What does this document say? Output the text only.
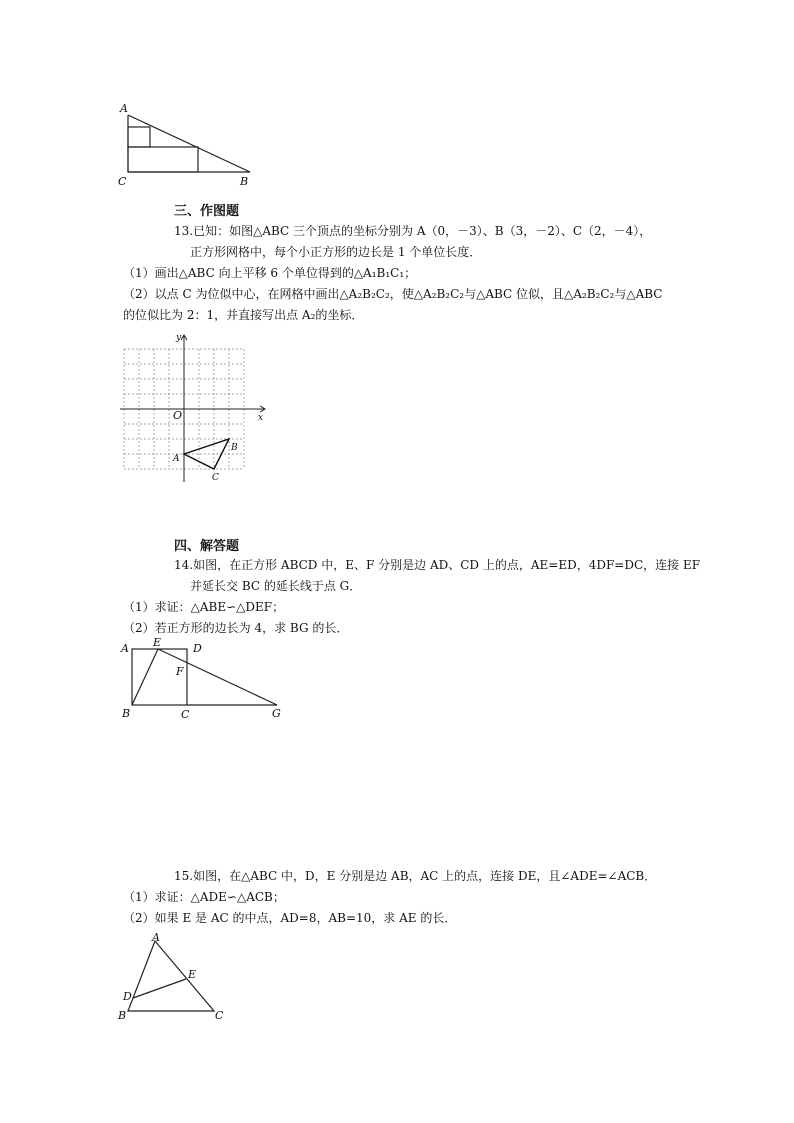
A
C	B
三、作图题
13.已知：如图△ABC 三个顶点的坐标分别为 A（0，－3）、B（3，－2）、C（2，－4），
正方形网格中，每个小正方形的边长是 1 个单位长度．
（1）画出△ABC 向上平移 6 个单位得到的△A₁B₁C₁；
（2）以点 C 为位似中心，在网格中画出△A₂B₂C₂，使△A₂B₂C₂与△ABC 位似，且△A₂B₂C₂与△ABC
的位似比为 2：1，并直接写出点 A₂的坐标．
y
x
O
A
B
C
四、解答题
14.如图，在正方形 ABCD 中，E、F 分别是边 AD、CD 上的点，AE=ED，4DF=DC，连接 EF
并延长交 BC 的延长线于点 G．
（1）求证：△ABE∽△DEF；
（2）若正方形的边长为 4，求 BG 的长．
A E	D
F
B	C	G
15.如图，在△ABC 中，D，E 分别是边 AB，AC 上的点，连接 DE，且∠ADE=∠ACB．
（1）求证：△ADE∽△ACB；
（2）如果 E 是 AC 的中点，AD=8，AB=10，求 AE 的长．
A
E
D
B	C
